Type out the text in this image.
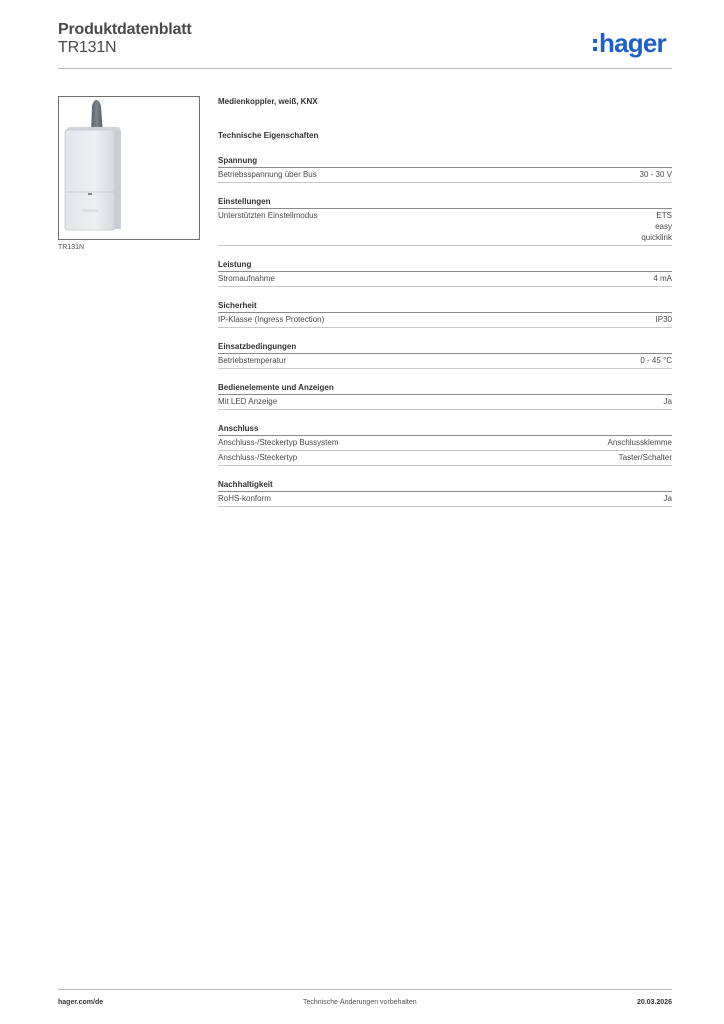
Produktdatenblatt
TR131N	hager
TR131N
Medienkoppler, weiß, KNX
Technische Eigenschaften
Spannung
Betriebsspannung über Bus	30 - 30 V
Einstellungen
Unterstützten Einstellmodus	ETS
easy
quicklink
Leistung
Stromaufnahme	4 mA
Sicherheit
IP-Klasse (Ingress Protection)	IP30
Einsatzbedingungen
Betriebstemperatur	0 - 45 °C
Bedienelemente und Anzeigen
Mit LED Anzeige	Ja
Anschluss
Anschluss-/Steckertyp Bussystem	Anschlussklemme
Anschluss-/Steckertyp	Taster/Schalter
Nachhaltigkeit
RoHS-konform	Ja
hager.com/de	Technische Änderungen vorbehalten	20.03.2026
